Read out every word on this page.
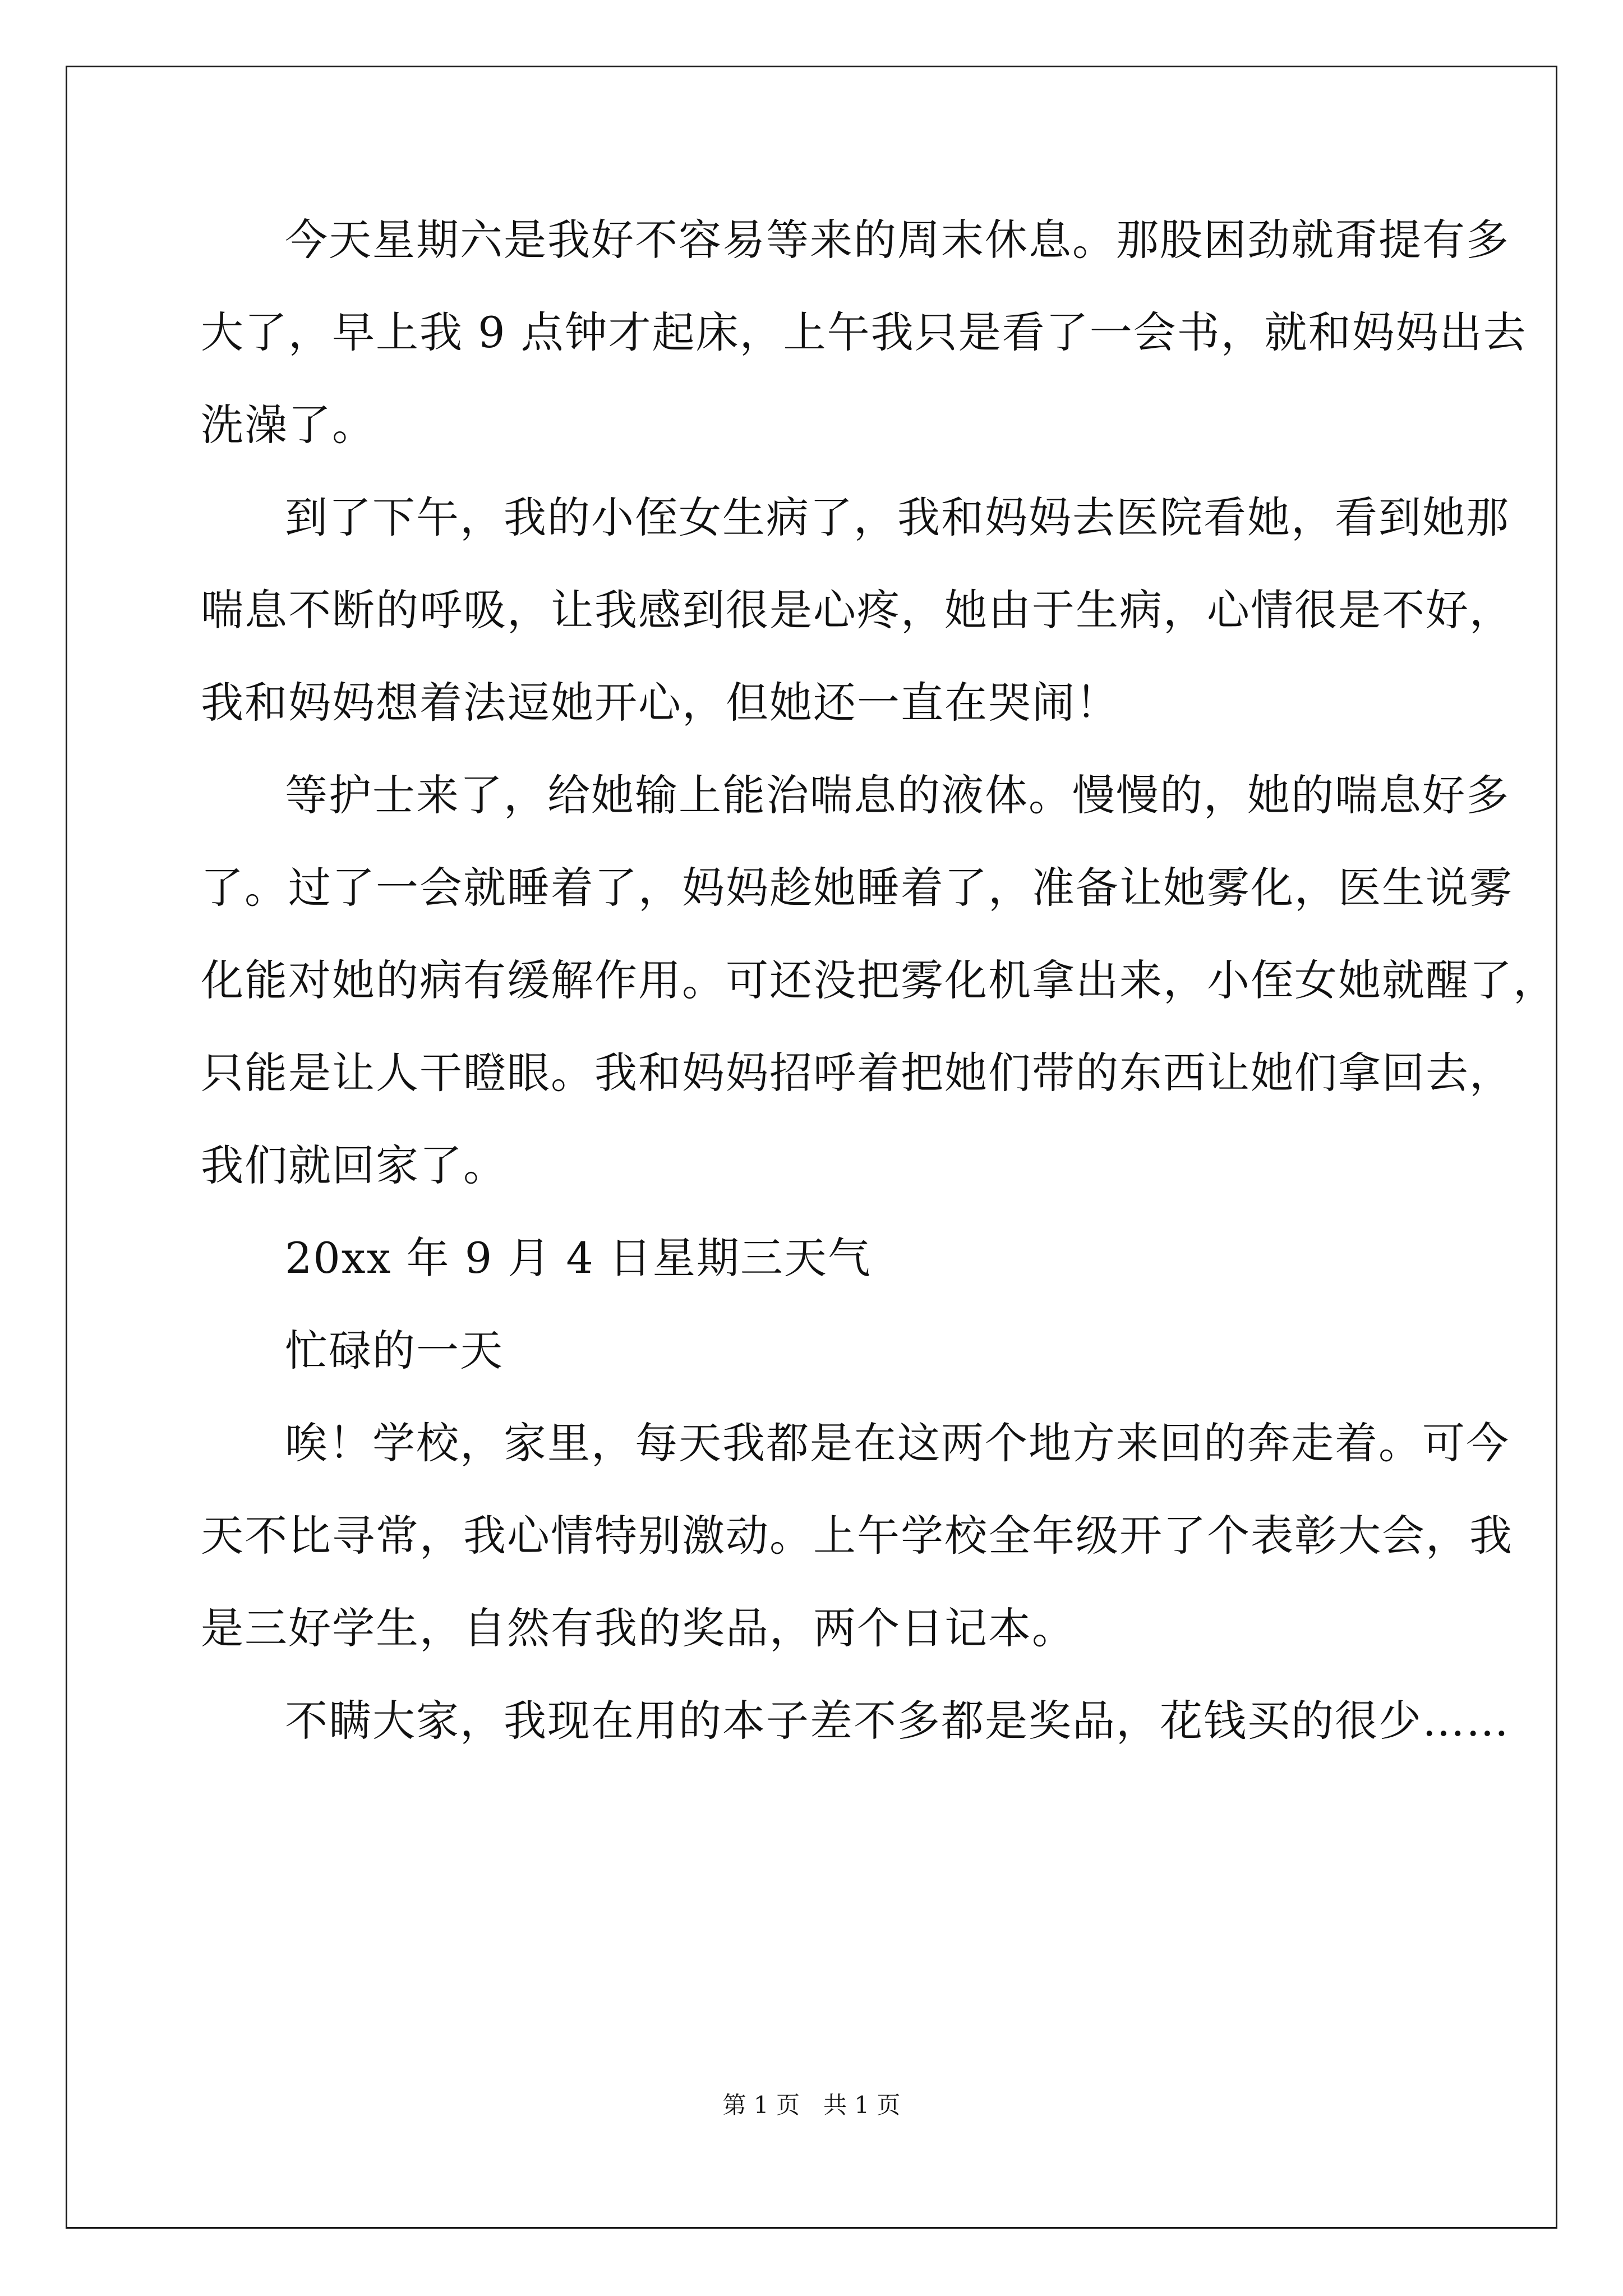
今天星期六是我好不容易等来的周末休息。那股困劲就甭提有多
大了，早上我 9 点钟才起床，上午我只是看了一会书，就和妈妈出去
洗澡了。
到了下午，我的小侄女生病了，我和妈妈去医院看她，看到她那
喘息不断的呼吸，让我感到很是心疼，她由于生病，心情很是不好，
我和妈妈想着法逗她开心，但她还一直在哭闹！
等护士来了，给她输上能治喘息的液体。慢慢的，她的喘息好多
了。过了一会就睡着了，妈妈趁她睡着了，准备让她雾化，医生说雾
化能对她的病有缓解作用。可还没把雾化机拿出来，小侄女她就醒了，
只能是让人干瞪眼。我和妈妈招呼着把她们带的东西让她们拿回去，
我们就回家了。
20xx 年 9 月 4 日星期三天气
忙碌的一天
唉！学校，家里，每天我都是在这两个地方来回的奔走着。可今
天不比寻常，我心情特别激动。上午学校全年级开了个表彰大会，我
是三好学生，自然有我的奖品，两个日记本。
不瞒大家，我现在用的本子差不多都是奖品，花钱买的很少……
第 1 页　共 1 页
